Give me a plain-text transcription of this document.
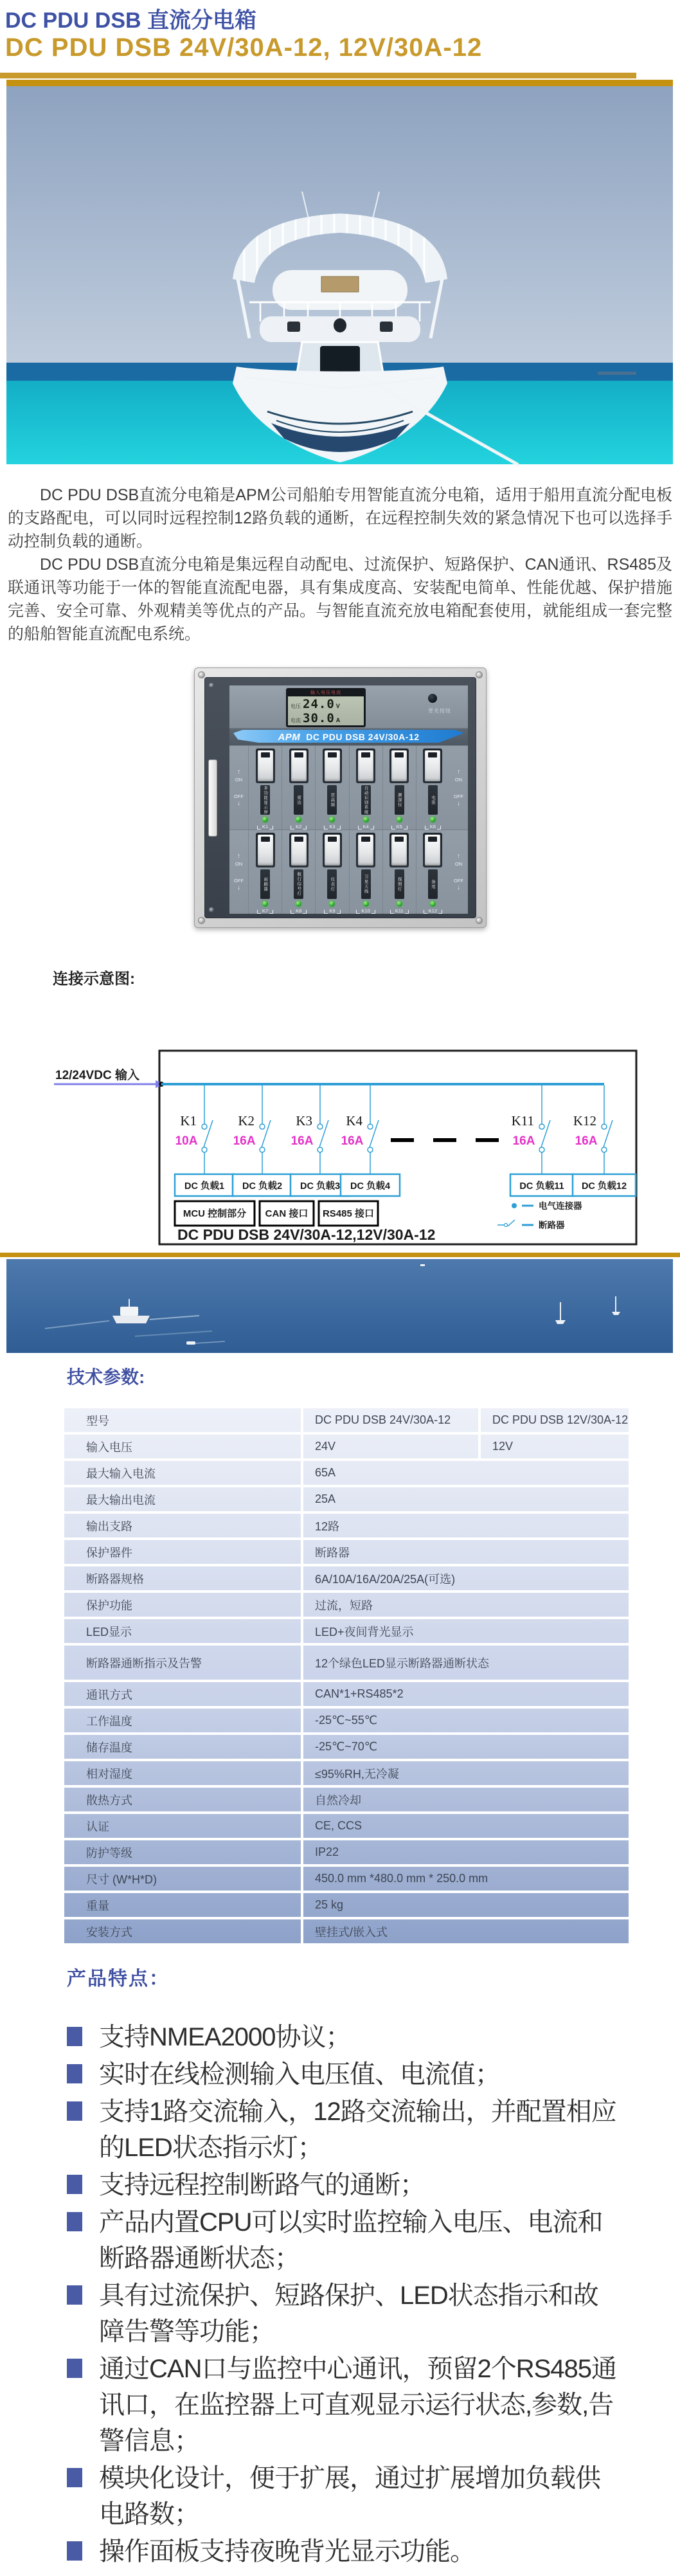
DC PDU DSB 直流分电箱
DC PDU DSB 24V/30A-12, 12V/30A-12

DC PDU DSB直流分电箱是APM公司船舶专用智能直流分电箱，适用于船用直流分配电板的支路配电，可以同时远程控制12路负载的通断，在远程控制失效的紧急情况下也可以选择手动控制负载的通断。

DC PDU DSB直流分电箱是集远程自动配电、过流保护、短路保护、CAN通讯、RS485及联通讯等功能于一体的智能直流配电器，具有集成度高、安装配电简单、性能优越、保护措施完善、安全可靠、外观精美等优点的产品。与智能直流充放电箱配套使用，就能组成一套完整的船舶智能直流配电系统。

输入电压电流
电压 24.0 V
电流 30.0 A
背光按钮
APM DC PDU DSB 24V/30A-12
↑
ON
OFF
↓	多功能显示屏
K1
雷达
K2
甚高频
K3
自动识别系统
K4
测深仪
K5
电笛
K6
↑
ON
OFF
↓
↑
ON
OFF
↓	雨刷器
K7
航行信号灯
K8
仪表灯
K9
卫星天线
K10
探照灯
K11
备用
K12
↑
ON
OFF
↓
连接示意图:
12/24VDC 输入
K1
10A
DC 负载1
K2
16A
DC 负载2
K3
16A
DC 负载3
K4
16A
DC 负载4
K11
16A
DC 负载11
K12
16A
DC 负载12
MCU 控制部分 CAN 接口 RS485 接口
DC PDU DSB 24V/30A-12,12V/30A-12
电气连接器
断路器
技术参数:
型号	DC PDU DSB 24V/30A-12	DC PDU DSB 12V/30A-12
输入电压	24V	12V
最大输入电流	65A
最大输出电流	25A
输出支路	12路
保护器件	断路器
断路器规格	6A/10A/16A/20A/25A(可选)
保护功能	过流，短路
LED显示	LED+夜间背光显示
断路器通断指示及告警	12个绿色LED显示断路器通断状态
通讯方式	CAN*1+RS485*2
工作温度	-25℃~55℃
储存温度	-25℃~70℃
相对湿度	≤95%RH,无冷凝
散热方式	自然冷却
认证	CE, CCS
防护等级	IP22
尺寸 (W*H*D)	450.0 mm *480.0 mm * 250.0 mm
重量	25 kg
安装方式	壁挂式/嵌入式
产品特点：
支持NMEA2000协议；
实时在线检测输入电压值、电流值；
支持1路交流输入，12路交流输出，并配置相应的LED状态指示灯；
支持远程控制断路气的通断；
产品内置CPU可以实时监控输入电压、电流和断路器通断状态；
具有过流保护、短路保护、LED状态指示和故障告警等功能；
通过CAN口与监控中心通讯，预留2个RS485通讯口，在监控器上可直观显示运行状态,参数,告警信息；
模块化设计，便于扩展，通过扩展增加负载供电路数；
操作面板支持夜晚背光显示功能。
